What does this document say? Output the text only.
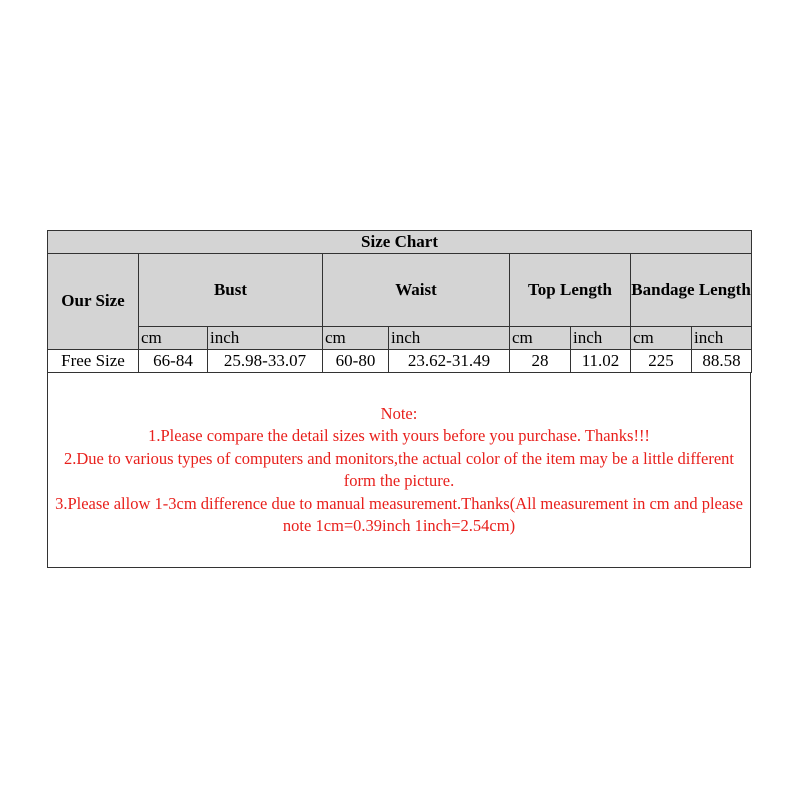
Size Chart								
Our Size	Bust		Waist		Top Length		Bandage Length	
	cm	inch	cm	inch	cm	inch	cm	inch
Free Size	66-84	25.98-33.07	60-80	23.62-31.49	28	11.02	225	88.58
Note:
1.Please compare the detail sizes with yours before you purchase. Thanks!!!
2.Due to various types of computers and monitors,the actual color of the item may be a little different form the picture.
3.Please allow 1-3cm difference due to manual measurement.Thanks(All measurement in cm and please note 1cm=0.39inch 1inch=2.54cm)
